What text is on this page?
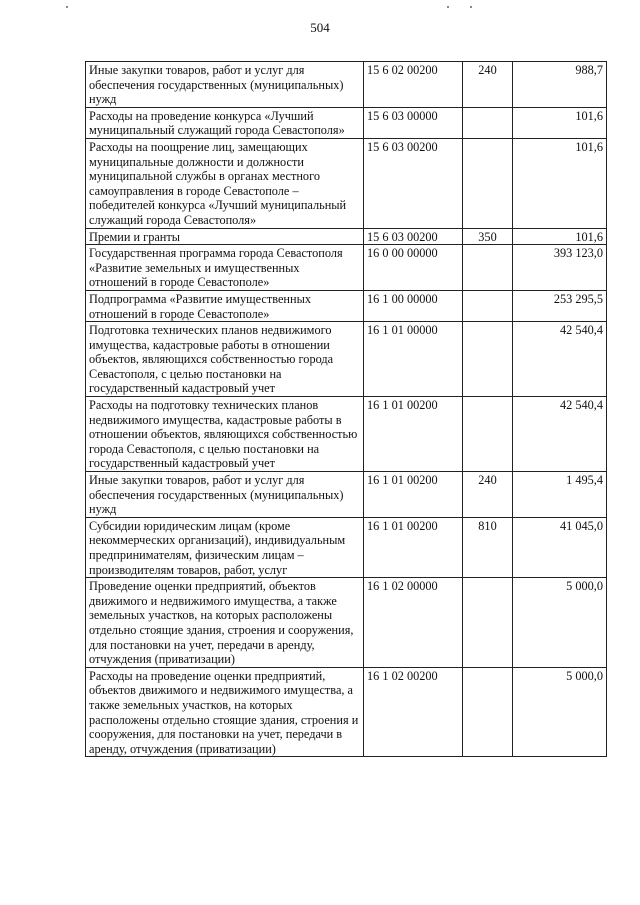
504
Иные закупки товаров, работ и услуг для обеспечения государственных (муниципальных) нужд	15 6 02 00200	240	988,7
Расходы на проведение конкурса «Лучший муниципальный служащий города Севастополя»	15 6 03 00000		101,6
Расходы на поощрение лиц, замещающих муниципальные должности и должности муниципальной службы в органах местного самоуправления в городе Севастополе – победителей конкурса «Лучший муниципальный служащий города Севастополя»	15 6 03 00200		101,6
Премии и гранты	15 6 03 00200	350	101,6
Государственная программа города Севастополя «Развитие земельных и имущественных отношений в городе Севастополе»	16 0 00 00000		393 123,0
Подпрограмма «Развитие имущественных отношений в городе Севастополе»	16 1 00 00000		253 295,5
Подготовка технических планов недвижимого имущества, кадастровые работы в отношении объектов, являющихся собственностью города Севастополя, с целью постановки на государственный кадастровый учет	16 1 01 00000		42 540,4
Расходы на подготовку технических планов недвижимого имущества, кадастровые работы в отношении объектов, являющихся собственностью города Севастополя, с целью постановки на государственный кадастровый учет	16 1 01 00200		42 540,4
Иные закупки товаров, работ и услуг для обеспечения государственных (муниципальных) нужд	16 1 01 00200	240	1 495,4
Субсидии юридическим лицам (кроме некоммерческих организаций), индивидуальным предпринимателям, физическим лицам – производителям товаров, работ, услуг	16 1 01 00200	810	41 045,0
Проведение оценки предприятий, объектов движимого и недвижимого имущества, а также земельных участков, на которых расположены отдельно стоящие здания, строения и сооружения, для постановки на учет, передачи в аренду, отчуждения (приватизации)	16 1 02 00000		5 000,0
Расходы на проведение оценки предприятий, объектов движимого и недвижимого имущества, а также земельных участков, на которых расположены отдельно стоящие здания, строения и сооружения, для постановки на учет, передачи в аренду, отчуждения (приватизации)	16 1 02 00200		5 000,0
